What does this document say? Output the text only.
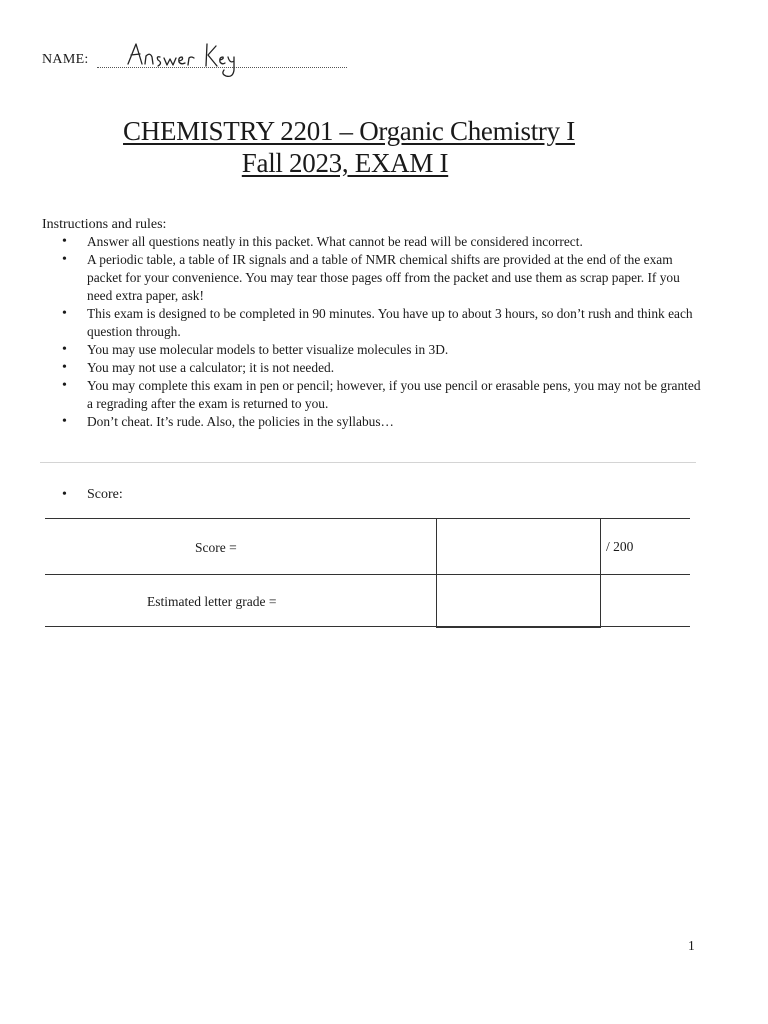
NAME:
CHEMISTRY 2201 – Organic Chemistry I
Fall 2023, EXAM I
Instructions and rules:
• Answer all questions neatly in this packet. What cannot be read will be considered incorrect.
• A periodic table, a table of IR signals and a table of NMR chemical shifts are provided at the end of the exam packet for your convenience. You may tear those pages off from the packet and use them as scrap paper. If you need extra paper, ask!
• This exam is designed to be completed in 90 minutes. You have up to about 3 hours, so don’t rush and think each question through.
• You may use molecular models to better visualize molecules in 3D.
• You may not use a calculator; it is not needed.
• You may complete this exam in pen or pencil; however, if you use pencil or erasable pens, you may not be granted a regrading after the exam is returned to you.
• Don’t cheat. It’s rude. Also, the policies in the syllabus…
• Score:
Score =
Estimated letter grade =
/ 200
1
